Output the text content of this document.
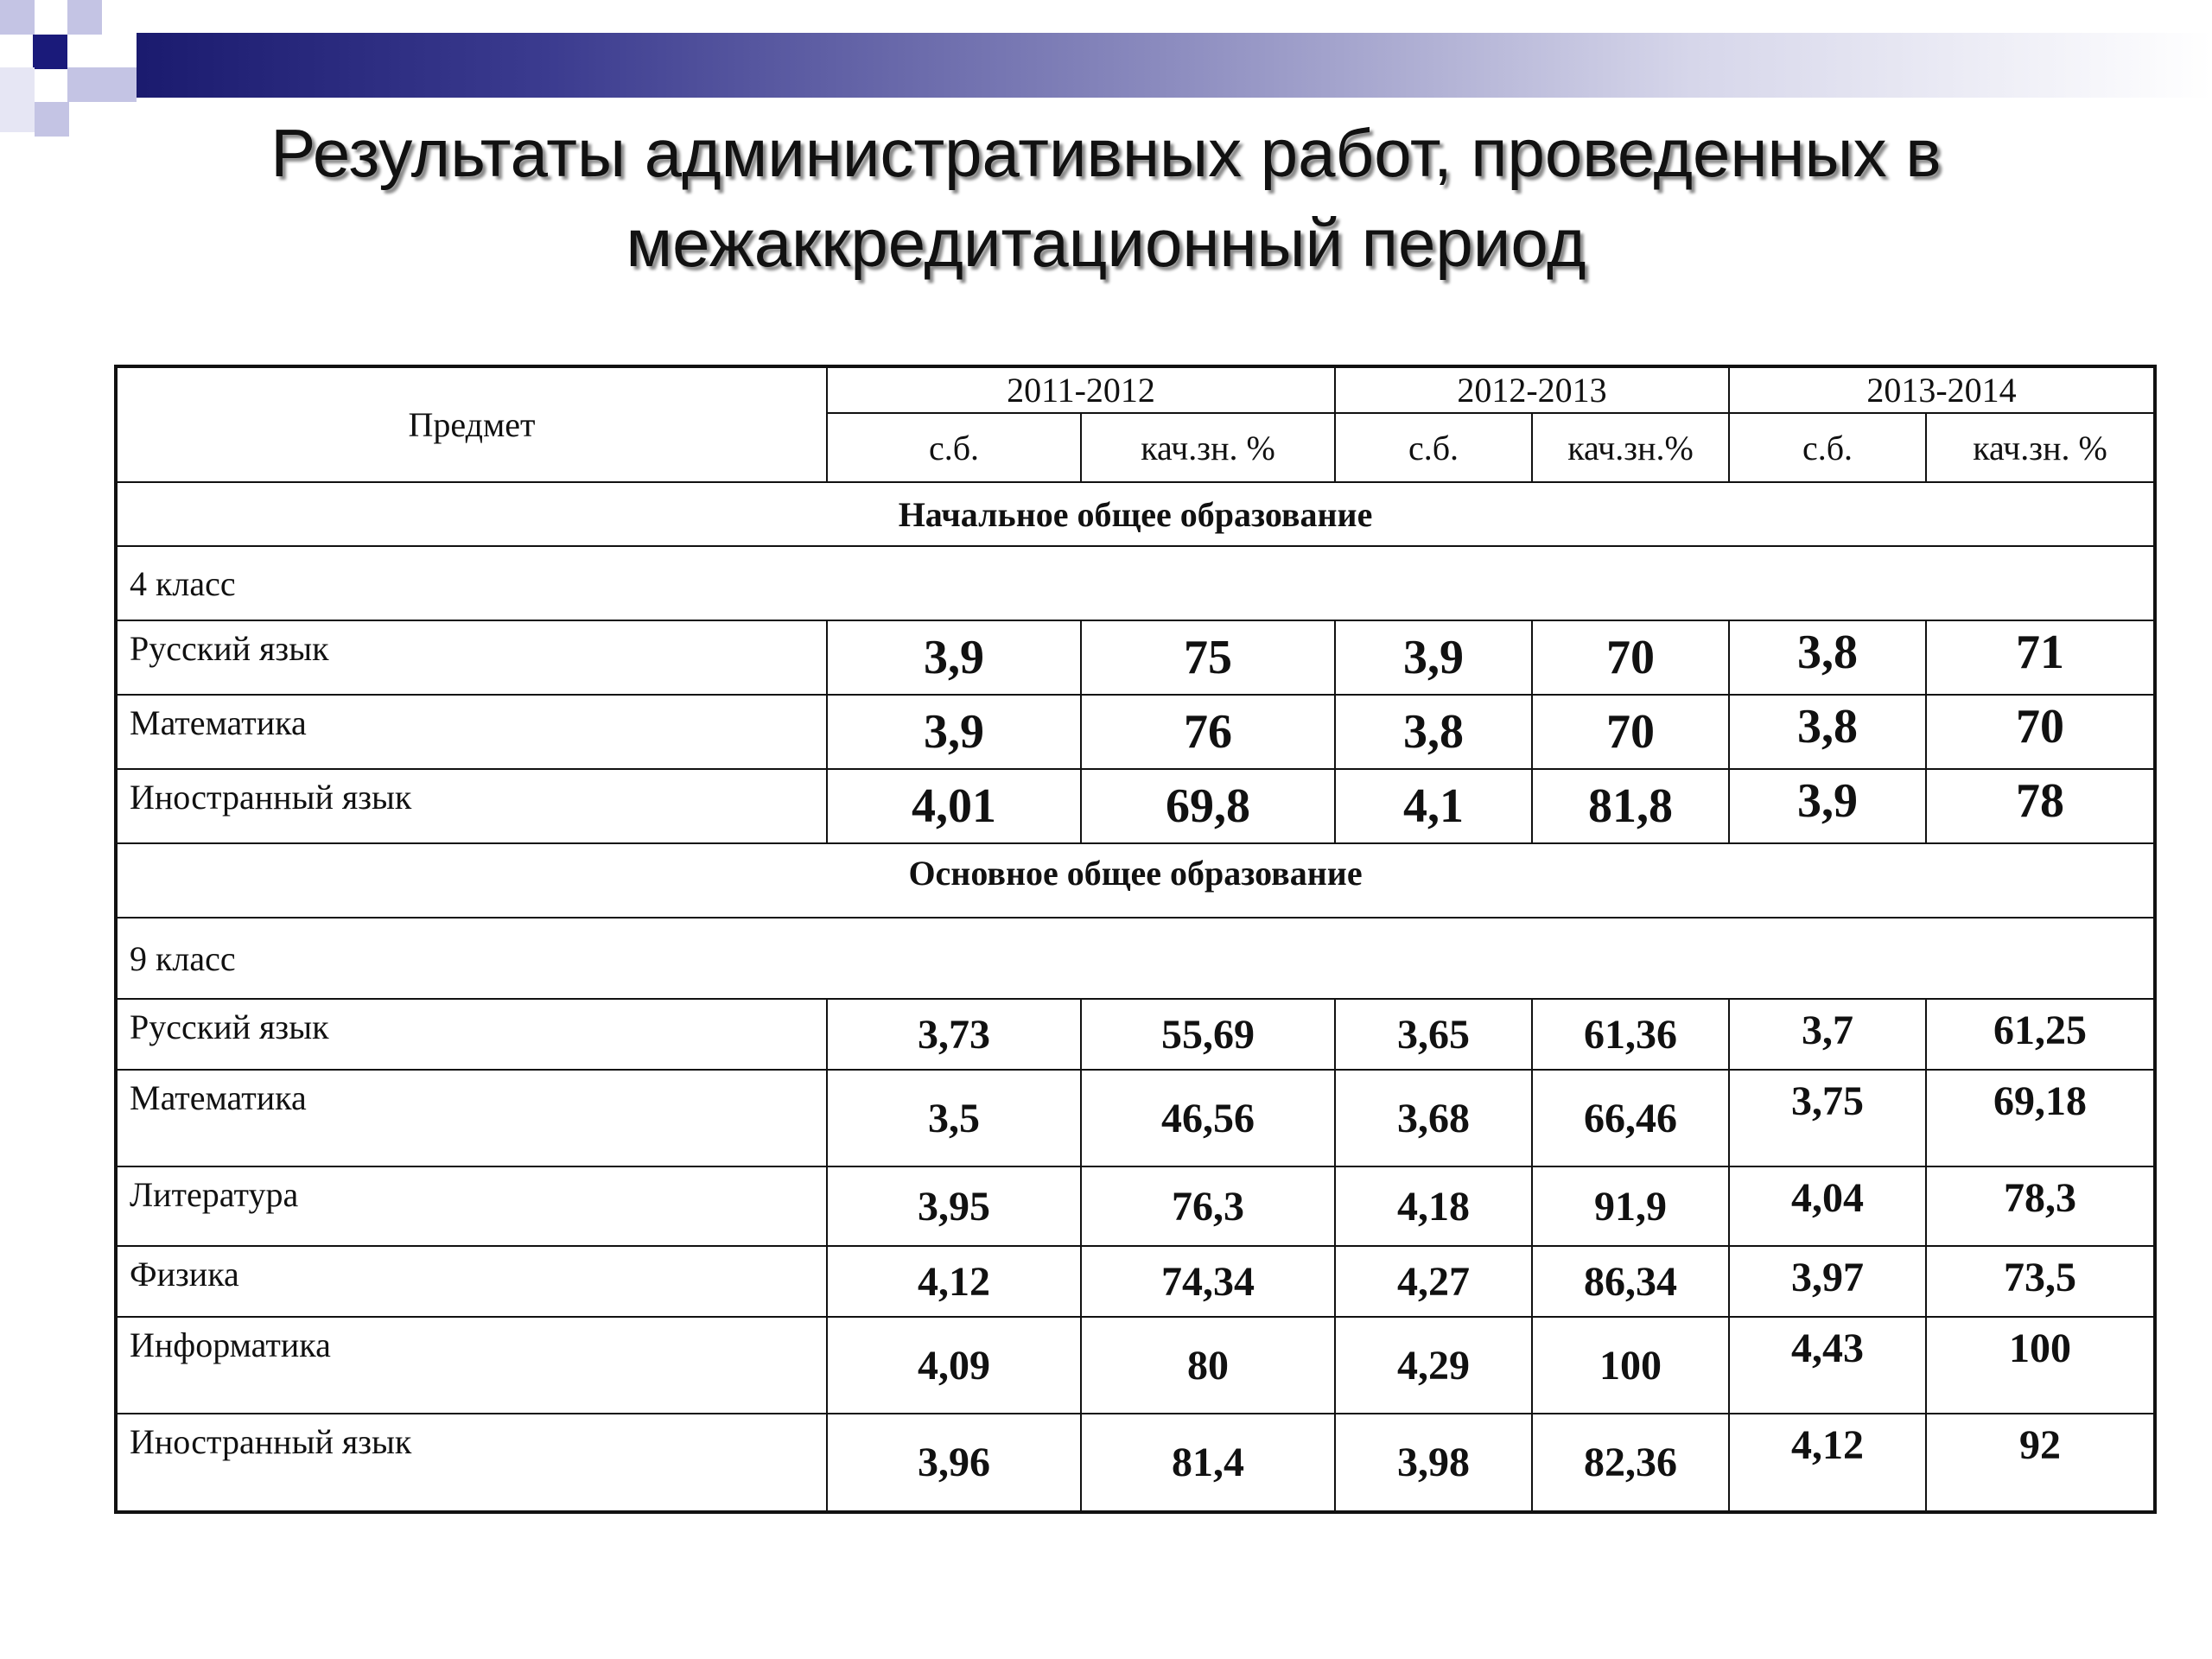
Результаты административных работ, проведенных в межаккредитационный период
Предмет	2011-2012		2012-2013		2013-2014	
	с.б.	кач.зн. %	с.б.	кач.зн.%	с.б.	кач.зн. %
Начальное общее образование						
4 класс						
Русский язык	3,9	75	3,9	70	3,8	71
Математика	3,9	76	3,8	70	3,8	70
Иностранный язык	4,01	69,8	4,1	81,8	3,9	78
Основное общее образование						
9 класс						
Русский язык	3,73	55,69	3,65	61,36	3,7	61,25
Математика	3,5	46,56	3,68	66,46	3,75	69,18
Литература	3,95	76,3	4,18	91,9	4,04	78,3
Физика	4,12	74,34	4,27	86,34	3,97	73,5
Информатика	4,09	80	4,29	100	4,43	100
Иностранный язык	3,96	81,4	3,98	82,36	4,12	92
